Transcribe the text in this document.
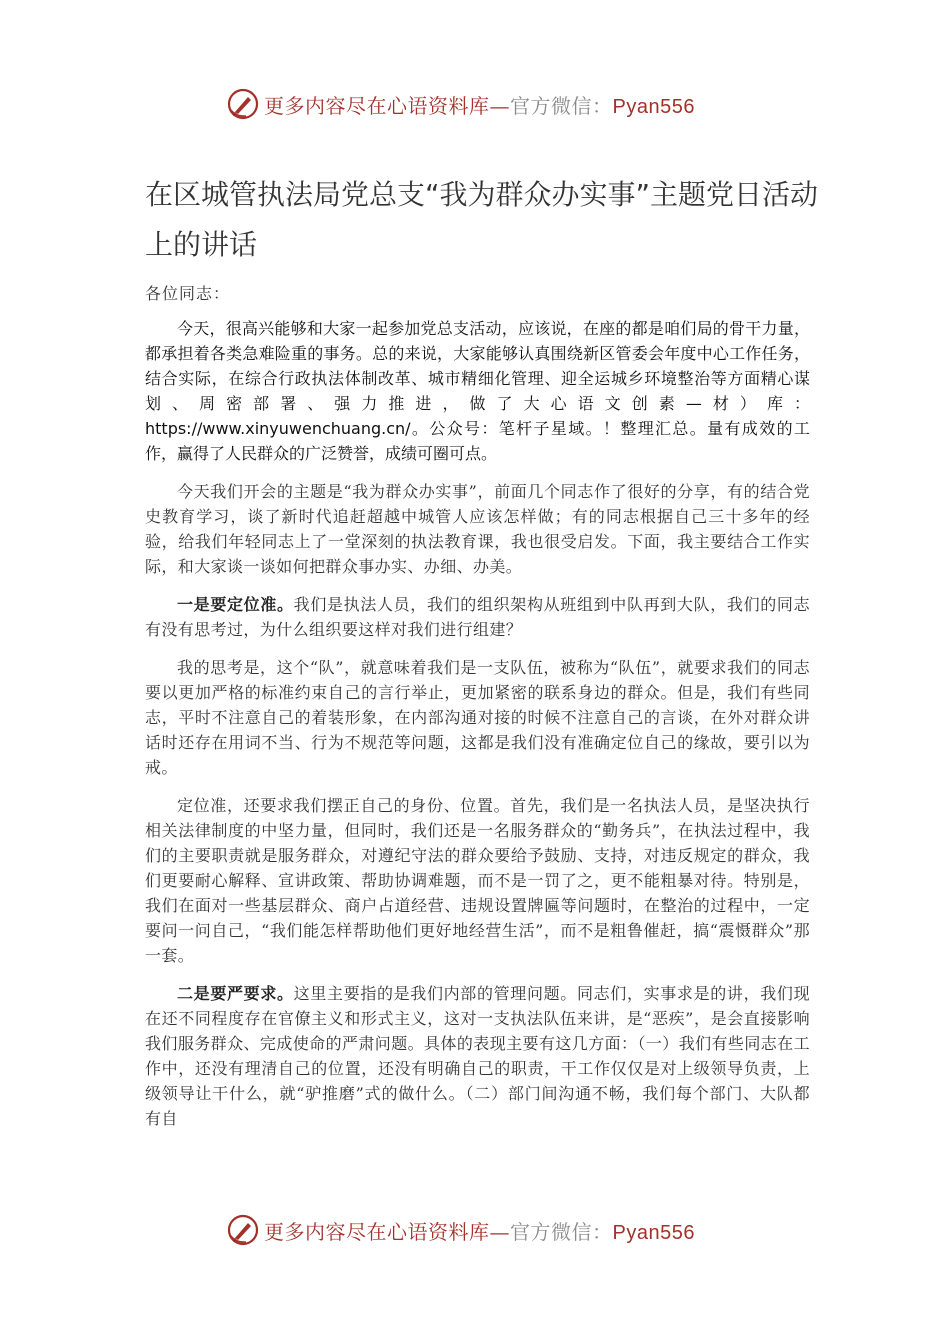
更多内容尽在心语资料库—官方微信：Pyan556
在区城管执法局党总支“我为群众办实事”主题党日活动上的讲话
各位同志：

今天，很高兴能够和大家一起参加党总支活动，应该说，在座的都是咱们局的骨干力量，都承担着各类急难险重的事务。总的来说，大家能够认真围绕新区管委会年度中心工作任务，结合实际，在综合行政执法体制改革、城市精细化管理、迎全运城乡环境整治等方面精心谋划、周密部署、强力推进，做了大心语文创素—材）库：https://www.xinyuwenchuang.cn/。公众号：笔杆子星域。！整理汇总。量有成效的工作，赢得了人民群众的广泛赞誉，成绩可圈可点。

今天我们开会的主题是“我为群众办实事”，前面几个同志作了很好的分享，有的结合党史教育学习，谈了新时代追赶超越中城管人应该怎样做；有的同志根据自己三十多年的经验，给我们年轻同志上了一堂深刻的执法教育课，我也很受启发。下面，我主要结合工作实际，和大家谈一谈如何把群众事办实、办细、办美。

一是要定位准。我们是执法人员，我们的组织架构从班组到中队再到大队，我们的同志有没有思考过，为什么组织要这样对我们进行组建？

我的思考是，这个“队”，就意味着我们是一支队伍，被称为“队伍”，就要求我们的同志要以更加严格的标准约束自己的言行举止，更加紧密的联系身边的群众。但是，我们有些同志，平时不注意自己的着装形象，在内部沟通对接的时候不注意自己的言谈，在外对群众讲话时还存在用词不当、行为不规范等问题，这都是我们没有准确定位自己的缘故，要引以为戒。

定位准，还要求我们摆正自己的身份、位置。首先，我们是一名执法人员，是坚决执行相关法律制度的中坚力量，但同时，我们还是一名服务群众的“勤务兵”，在执法过程中，我们的主要职责就是服务群众，对遵纪守法的群众要给予鼓励、支持，对违反规定的群众，我们更要耐心解释、宣讲政策、帮助协调难题，而不是一罚了之，更不能粗暴对待。特别是，我们在面对一些基层群众、商户占道经营、违规设置牌匾等问题时，在整治的过程中，一定要问一问自己，“我们能怎样帮助他们更好地经营生活”，而不是粗鲁催赶，搞“震慑群众”那一套。

二是要严要求。这里主要指的是我们内部的管理问题。同志们，实事求是的讲，我们现在还不同程度存在官僚主义和形式主义，这对一支执法队伍来讲，是“恶疾”，是会直接影响我们服务群众、完成使命的严肃问题。具体的表现主要有这几方面：（一）我们有些同志在工作中，还没有理清自己的位置，还没有明确自己的职责，干工作仅仅是对上级领导负责，上级领导让干什么，就“驴推磨”式的做什么。（二）部门间沟通不畅，我们每个部门、大队都有自

更多内容尽在心语资料库—官方微信：Pyan556
